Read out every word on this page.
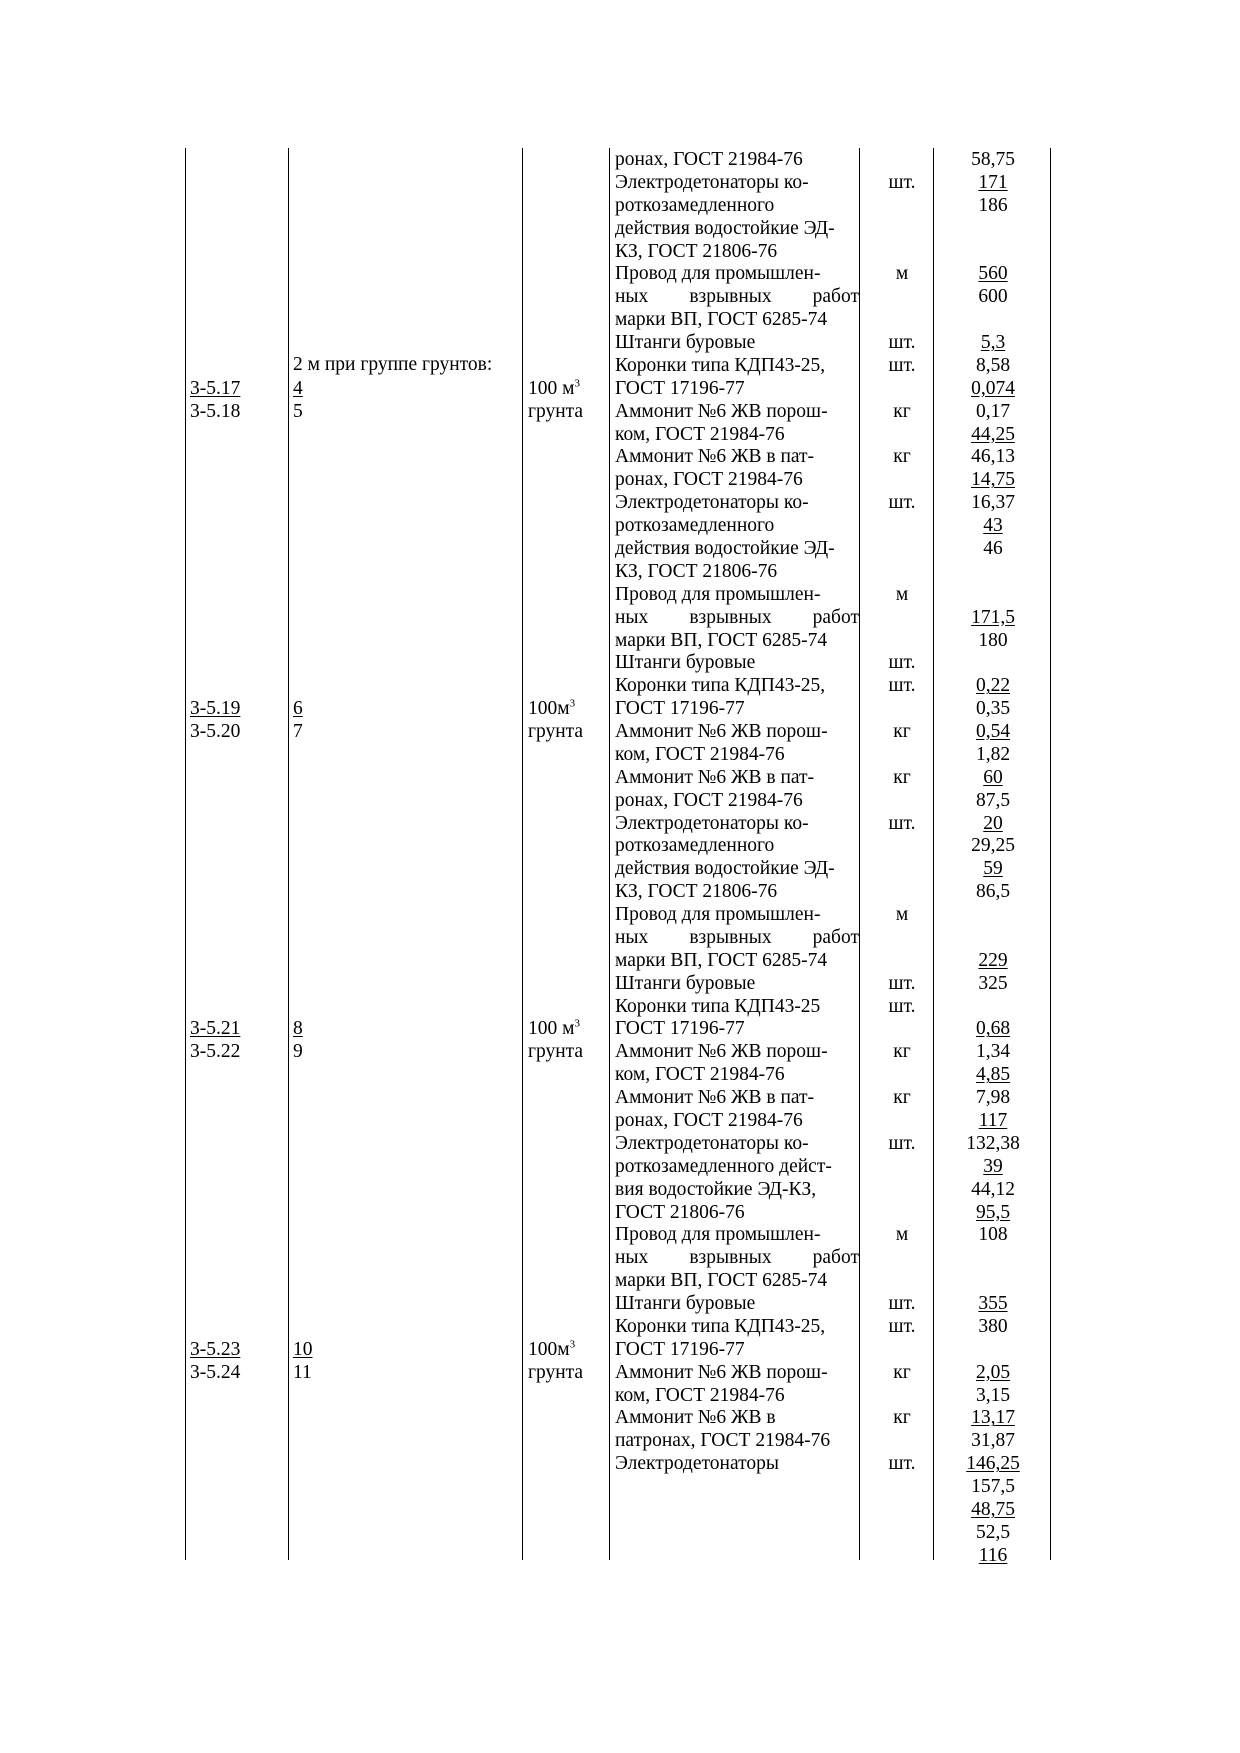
2 м при группе грунтов:

3-5.17

3-5.18

4

5

100 $м^3$

грунта

3-5.19

3-5.20

6

7

$100м^3$

грунта

3-5.21

3-5.22

8

9

100 $м^3$

грунта

3-5.23

3-5.24

10

11

$100м^3$

грунта

ронах, ГОСТ 21984-76

Электродетонаторы ко-

роткозамедленного

действия водостойкие ЭД-

КЗ, ГОСТ 21806-76

Провод для промышлен-

ных взрывных работ

марки ВП, ГОСТ 6285-74

Штанги буровые

Коронки типа КДП43-25,

ГОСТ 17196-77

Аммонит №6 ЖВ порош-

ком, ГОСТ 21984-76

Аммонит №6 ЖВ в пат-

ронах, ГОСТ 21984-76

Электродетонаторы ко-

роткозамедленного

действия водостойкие ЭД-

КЗ, ГОСТ 21806-76

Провод для промышлен-

ных взрывных работ

марки ВП, ГОСТ 6285-74

Штанги буровые

Коронки типа КДП43-25,

ГОСТ 17196-77

Аммонит №6 ЖВ порош-

ком, ГОСТ 21984-76

Аммонит №6 ЖВ в пат-

ронах, ГОСТ 21984-76

Электродетонаторы ко-

роткозамедленного

действия водостойкие ЭД-

КЗ, ГОСТ 21806-76

Провод для промышлен-

ных взрывных работ

марки ВП, ГОСТ 6285-74

Штанги буровые

Коронки типа КДП43-25

ГОСТ 17196-77

Аммонит №6 ЖВ порош-

ком, ГОСТ 21984-76

Аммонит №6 ЖВ в пат-

ронах, ГОСТ 21984-76

Электродетонаторы ко-

роткозамедленного дейст-

вия водостойкие ЭД-КЗ,

ГОСТ 21806-76

Провод для промышлен-

ных взрывных работ

марки ВП, ГОСТ 6285-74

Штанги буровые

Коронки типа КДП43-25,

ГОСТ 17196-77

Аммонит №6 ЖВ порош-

ком, ГОСТ 21984-76

Аммонит №6 ЖВ в

патронах, ГОСТ 21984-76

Электродетонаторы

шт.

м

шт.

шт.

кг

кг

шт.

м

шт.

шт.

кг

кг

шт.

м

шт.

шт.

кг

кг

шт.

м

шт.

шт.

кг

кг

шт.

58,75

171

186

560

600

5,3

8,58

0,074

0,17

44,25

46,13

14,75

16,37

43

46

171,5

180

0,22

0,35

0,54

1,82

60

87,5

20

29,25

59

86,5

229

325

0,68

1,34

4,85

7,98

117

132,38

39

44,12

95,5

108

355

380

2,05

3,15

13,17

31,87

146,25

157,5

48,75

52,5

116
